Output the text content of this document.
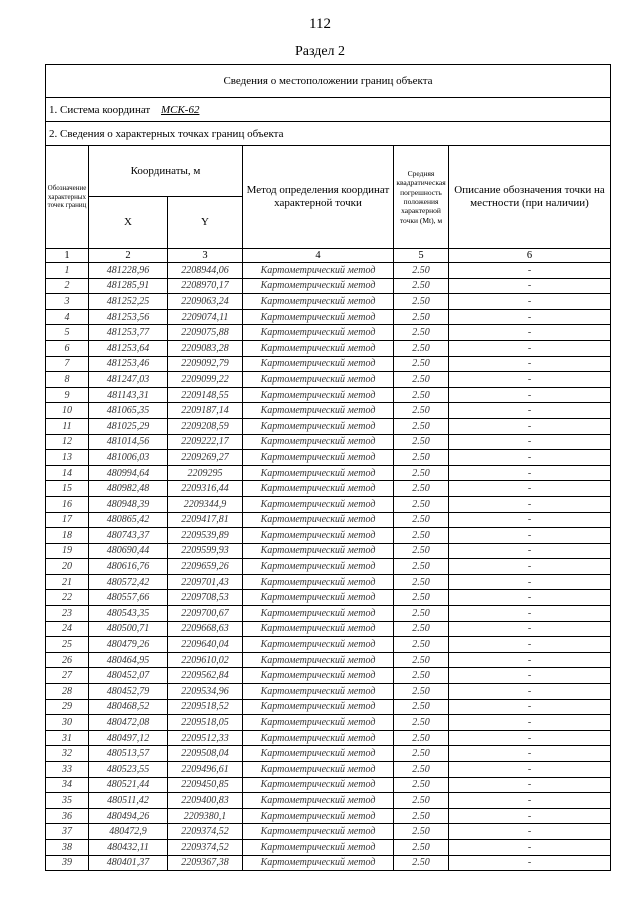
112
Раздел 2
Сведения о местоположении границ объекта					
1. Система координат МСК-62					
2. Сведения о характерных точках границ объекта					
Обозначение характерных точек границ	Координаты, м		Метод определения координат характерной точки	Средняя квадратическая погрешность положения характерной точки (Mt), м	Описание обозначения точки на местности (при наличии)
	X	Y			
1	2	3	4	5	6
1	481228,96	2208944,06	Картометрический метод	2.50	-
2	481285,91	2208970,17	Картометрический метод	2.50	-
3	481252,25	2209063,24	Картометрический метод	2.50	-
4	481253,56	2209074,11	Картометрический метод	2.50	-
5	481253,77	2209075,88	Картометрический метод	2.50	-
6	481253,64	2209083,28	Картометрический метод	2.50	-
7	481253,46	2209092,79	Картометрический метод	2.50	-
8	481247,03	2209099,22	Картометрический метод	2.50	-
9	481143,31	2209148,55	Картометрический метод	2.50	-
10	481065,35	2209187,14	Картометрический метод	2.50	-
11	481025,29	2209208,59	Картометрический метод	2.50	-
12	481014,56	2209222,17	Картометрический метод	2.50	-
13	481006,03	2209269,27	Картометрический метод	2.50	-
14	480994,64	2209295	Картометрический метод	2.50	-
15	480982,48	2209316,44	Картометрический метод	2.50	-
16	480948,39	2209344,9	Картометрический метод	2.50	-
17	480865,42	2209417,81	Картометрический метод	2.50	-
18	480743,37	2209539,89	Картометрический метод	2.50	-
19	480690,44	2209599,93	Картометрический метод	2.50	-
20	480616,76	2209659,26	Картометрический метод	2.50	-
21	480572,42	2209701,43	Картометрический метод	2.50	-
22	480557,66	2209708,53	Картометрический метод	2.50	-
23	480543,35	2209700,67	Картометрический метод	2.50	-
24	480500,71	2209668,63	Картометрический метод	2.50	-
25	480479,26	2209640,04	Картометрический метод	2.50	-
26	480464,95	2209610,02	Картометрический метод	2.50	-
27	480452,07	2209562,84	Картометрический метод	2.50	-
28	480452,79	2209534,96	Картометрический метод	2.50	-
29	480468,52	2209518,52	Картометрический метод	2.50	-
30	480472,08	2209518,05	Картометрический метод	2.50	-
31	480497,12	2209512,33	Картометрический метод	2.50	-
32	480513,57	2209508,04	Картометрический метод	2.50	-
33	480523,55	2209496,61	Картометрический метод	2.50	-
34	480521,44	2209450,85	Картометрический метод	2.50	-
35	480511,42	2209400,83	Картометрический метод	2.50	-
36	480494,26	2209380,1	Картометрический метод	2.50	-
37	480472,9	2209374,52	Картометрический метод	2.50	-
38	480432,11	2209374,52	Картометрический метод	2.50	-
39	480401,37	2209367,38	Картометрический метод	2.50	-
